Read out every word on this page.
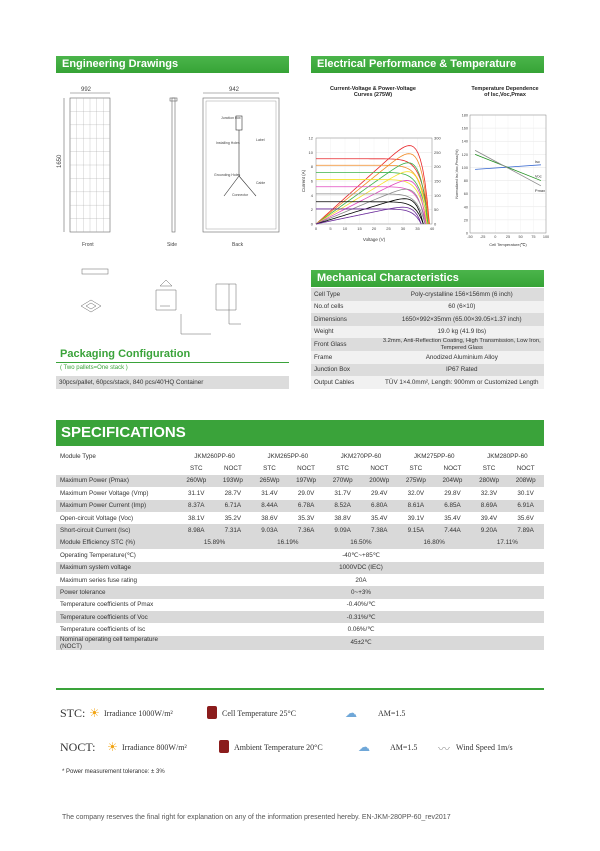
Engineering Drawings	Electrical Performance & Temperature Dependence
992
1650
942
Junction box
Installing Holes
Label
Grounding Holes
Cable
Connector
Front	Side	Back
Current-Voltage & Power-Voltage
Curves (275W)
0
2
4
6
8
10
12
0
50
100
150
200
250
300
0	5	10	15	20	25	30	35	40
Voltage (V)
Current (A)
Temperature Dependence
of Isc,Voc,Pmax
0
20
40
60
80
100
120
140
160
180
-50 -25 0 25 50 75 100
Isc
Voc
Pmax
Cell Temperature(℃)
Normalized Isc,Voc,Pmax(%)
Mechanical Characteristics
Cell Type	Poly-crystalline 156×156mm (6 inch)
No.of cells	60 (6×10)
Dimensions	1650×992×35mm (65.00×39.05×1.37 inch)
Weight	19.0 kg (41.9 lbs)
Front Glass	3.2mm, Anti-Reflection Coating, High Transmission, Low Iron, Tempered Glass
Frame	Anodized Aluminium Alloy
Junction Box	IP67 Rated
Output Cables	TÜV 1×4.0mm², Length: 900mm or Customized Length
Packaging Configuration
( Two pallets=One stack )
30pcs/pallet, 60pcs/stack, 840 pcs/40'HQ Container
SPECIFICATIONS
Module Type	JKM260PP-60		JKM265PP-60		JKM270PP-60		JKM275PP-60		JKM280PP-60	
	STC	NOCT	STC	NOCT	STC	NOCT	STC	NOCT	STC	NOCT
Maximum Power (Pmax)	260Wp	193Wp	265Wp	197Wp	270Wp	200Wp	275Wp	204Wp	280Wp	208Wp
Maximum Power Voltage (Vmp)	31.1V	28.7V	31.4V	29.0V	31.7V	29.4V	32.0V	29.8V	32.3V	30.1V
Maximum Power Current (Imp)	8.37A	6.71A	8.44A	6.78A	8.52A	6.80A	8.61A	6.85A	8.69A	6.91A
Open-circuit Voltage (Voc)	38.1V	35.2V	38.6V	35.3V	38.8V	35.4V	39.1V	35.4V	39.4V	35.6V
Short-circuit Current (Isc)	8.98A	7.31A	9.03A	7.36A	9.09A	7.38A	9.15A	7.44A	9.20A	7.89A
Module Efficiency STC (%)	15.89%		16.19%		16.50%		16.80%		17.11%	
Operating Temperature(℃)	-40℃~+85℃									
Maximum system voltage	1000VDC (IEC)									
Maximum series fuse rating	20A									
Power tolerance	0~+3%									
Temperature coefficients of Pmax	-0.40%/℃									
Temperature coefficients of Voc	-0.31%/℃									
Temperature coefficients of Isc	0.06%/℃									
Nominal operating cell temperature (NOCT)	45±2℃									
STC: ☀ Irradiance 1000W/m²	Cell Temperature 25°C	☁	AM=1.5
NOCT: ☀ Irradiance 800W/m²	Ambient Temperature 20°C	☁	AM=1.5 〰 Wind Speed 1m/s
* Power measurement tolerance: ± 3%
The company reserves the final right for explanation on any of the information presented hereby. EN-JKM-280PP-60_rev2017
